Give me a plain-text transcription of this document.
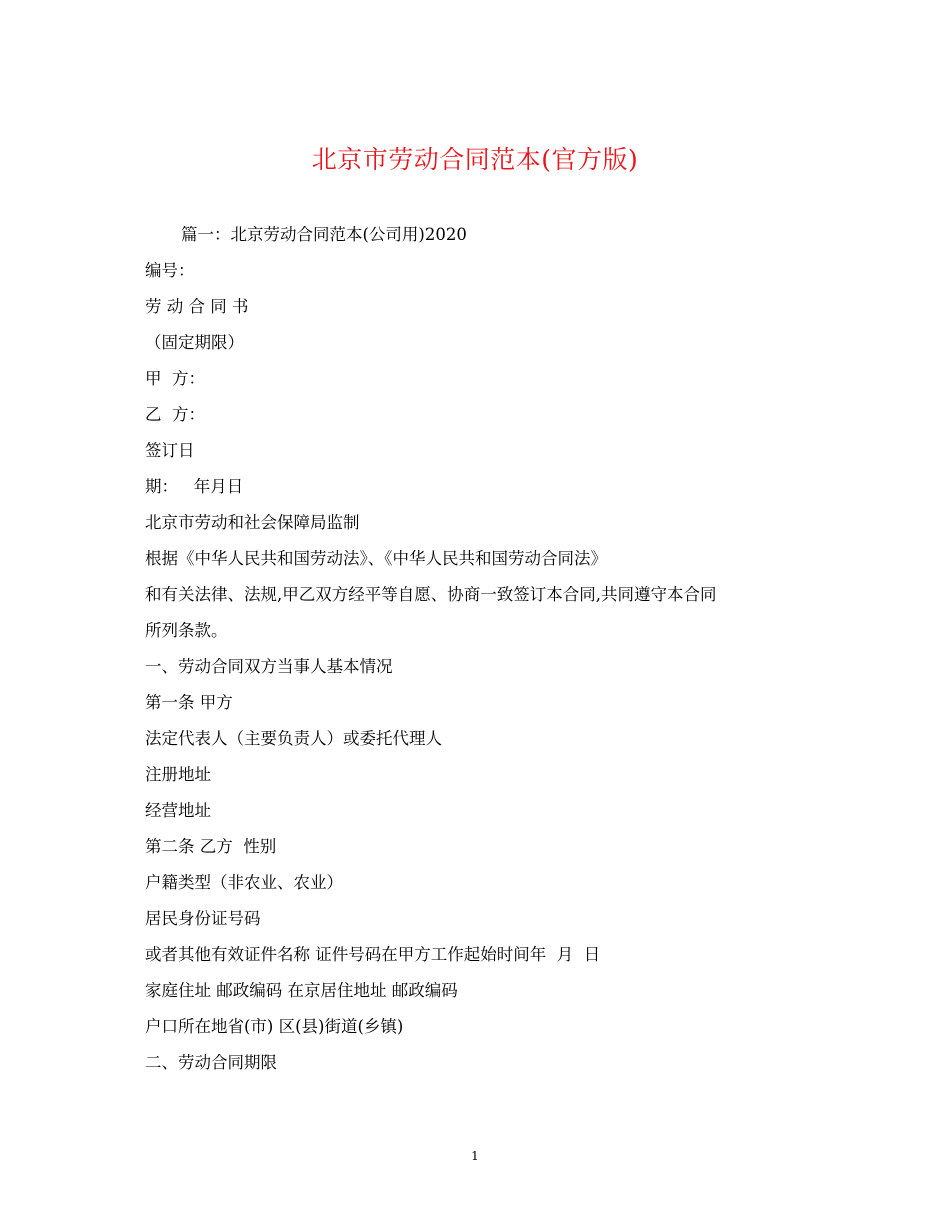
北京市劳动合同范本(官方版)
篇一：北京劳动合同范本(公司用)2020
编号：
劳 动 合 同 书
（固定期限）
甲  方：
乙  方：
签订日
期：   年月日
北京市劳动和社会保障局监制
根据《中华人民共和国劳动法》、《中华人民共和国劳动合同法》
和有关法律、法规,甲乙双方经平等自愿、协商一致签订本合同,共同遵守本合同
所列条款。
一、劳动合同双方当事人基本情况
第一条 甲方
法定代表人（主要负责人）或委托代理人
注册地址
经营地址
第二条 乙方  性别
户籍类型（非农业、农业）
居民身份证号码
或者其他有效证件名称 证件号码在甲方工作起始时间年  月  日
家庭住址 邮政编码 在京居住地址 邮政编码
户口所在地省(市) 区(县)街道(乡镇)
二、劳动合同期限
1
